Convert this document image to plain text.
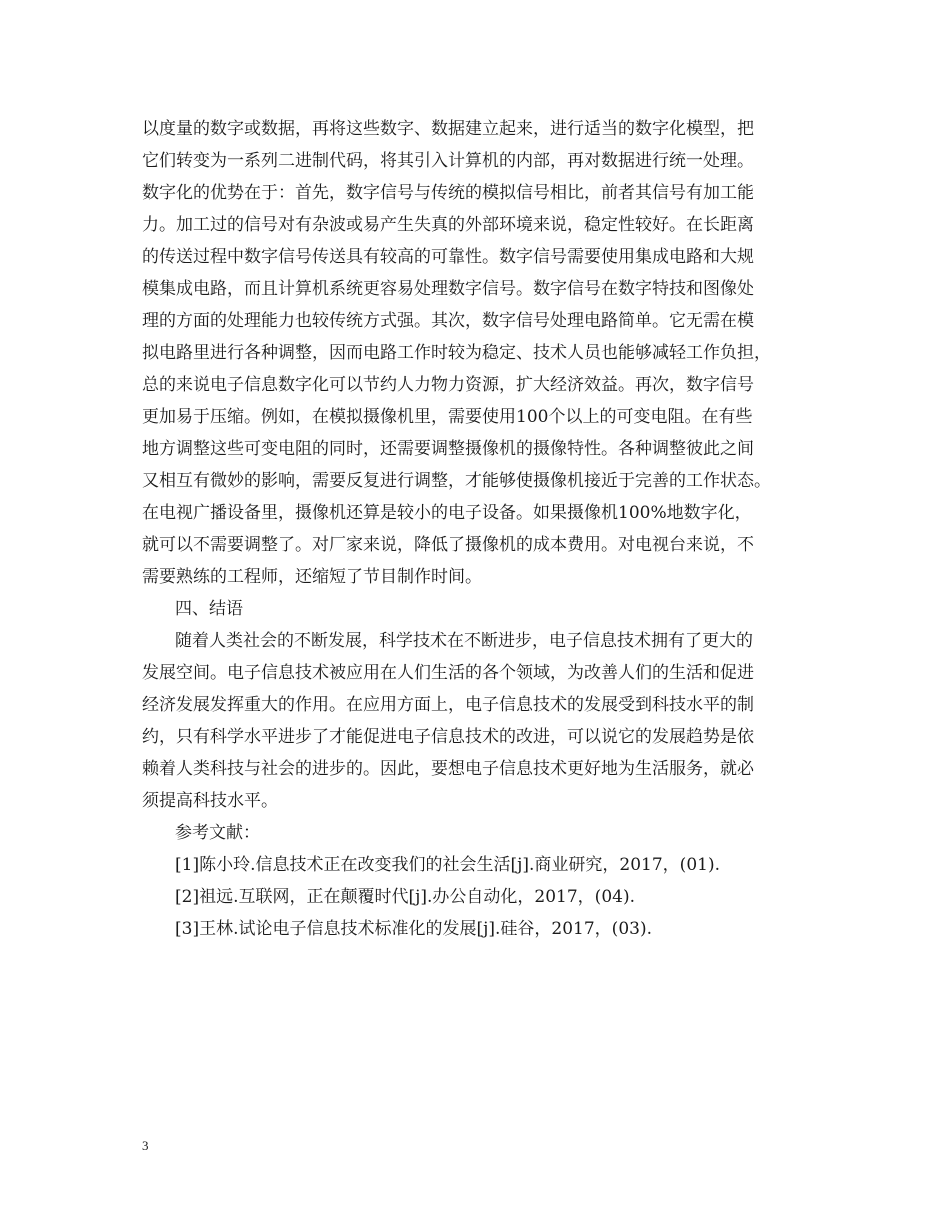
以度量的数字或数据，再将这些数字、数据建立起来，进行适当的数字化模型，把
它们转变为一系列二进制代码，将其引入计算机的内部，再对数据进行统一处理。
数字化的优势在于：首先，数字信号与传统的模拟信号相比，前者其信号有加工能
力。加工过的信号对有杂波或易产生失真的外部环境来说，稳定性较好。在长距离
的传送过程中数字信号传送具有较高的可靠性。数字信号需要使用集成电路和大规
模集成电路，而且计算机系统更容易处理数字信号。数字信号在数字特技和图像处
理的方面的处理能力也较传统方式强。其次，数字信号处理电路简单。它无需在模
拟电路里进行各种调整，因而电路工作时较为稳定、技术人员也能够减轻工作负担，
总的来说电子信息数字化可以节约人力物力资源，扩大经济效益。再次，数字信号
更加易于压缩。例如，在模拟摄像机里，需要使用100个以上的可变电阻。在有些
地方调整这些可变电阻的同时，还需要调整摄像机的摄像特性。各种调整彼此之间
又相互有微妙的影响，需要反复进行调整，才能够使摄像机接近于完善的工作状态。
在电视广播设备里，摄像机还算是较小的电子设备。如果摄像机100%地数字化，
就可以不需要调整了。对厂家来说，降低了摄像机的成本费用。对电视台来说，不
需要熟练的工程师，还缩短了节目制作时间。
四、结语
随着人类社会的不断发展，科学技术在不断进步，电子信息技术拥有了更大的
发展空间。电子信息技术被应用在人们生活的各个领域，为改善人们的生活和促进
经济发展发挥重大的作用。在应用方面上，电子信息技术的发展受到科技水平的制
约，只有科学水平进步了才能促进电子信息技术的改进，可以说它的发展趋势是依
赖着人类科技与社会的进步的。因此，要想电子信息技术更好地为生活服务，就必
须提高科技水平。
参考文献：
[1]陈小玲.信息技术正在改变我们的社会生活[j].商业研究，2017，(01).
[2]祖远.互联网，正在颠覆时代[j].办公自动化，2017，(04).
[3]王林.试论电子信息技术标准化的发展[j].硅谷，2017，(03).
3
